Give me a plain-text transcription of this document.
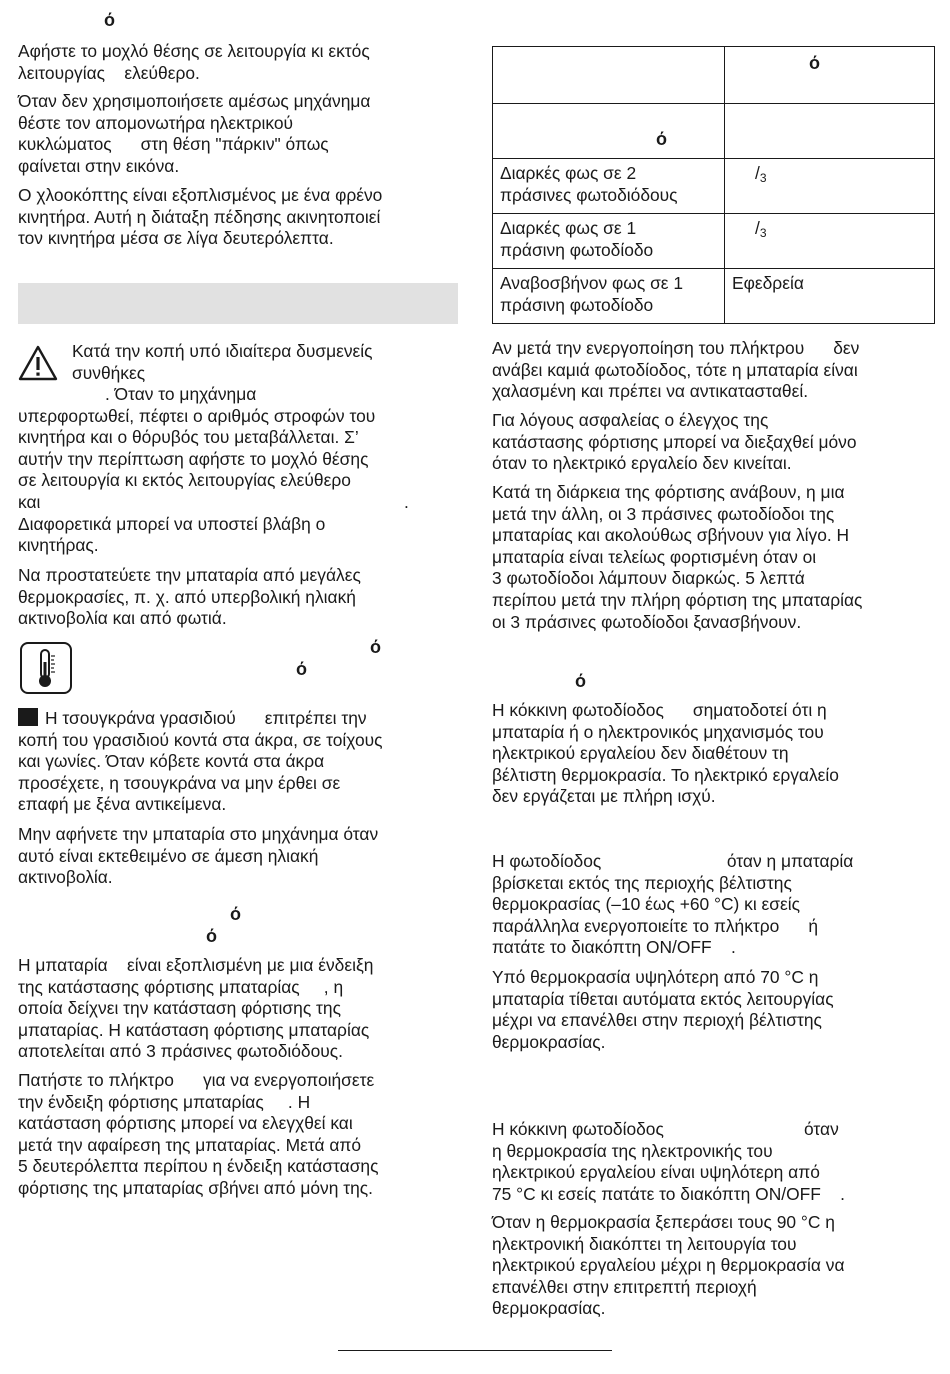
ό

Αφήστε το μοχλό θέσης σε λειτουργία κι εκτός
λειτουργίας    ελεύθερο.

Όταν δεν χρησιμοποιήσετε αμέσως μηχάνημα
θέστε τον απομονωτήρα ηλεκτρικού
κυκλώματος      στη θέση "πάρκιν" όπως
φαίνεται στην εικόνα.

Ο χλοοκόπτης είναι εξοπλισμένος με ένα φρένο
κινητήρα. Αυτή η διάταξη πέδησης ακινητοποιεί
τον κινητήρα μέσα σε λίγα δευτερόλεπτα.

Κατά την κοπή υπό ιδιαίτερα δυσμενείς
συνθήκες

. Όταν το μηχάνημα
υπερφορτωθεί, πέφτει ο αριθμός στροφών του
κινητήρα και ο θόρυβός του μεταβάλλεται. Σ’
αυτήν την περίπτωση αφήστε το μοχλό θέσης
σε λειτουργία κι εκτός λειτουργίας ελεύθερο
και
Διαφορετικά μπορεί να υποστεί βλάβη ο
κινητήρας.

.

Να προστατεύετε την μπαταρία από μεγάλες
θερμοκρασίες, π. χ. από υπερβολική ηλιακή
ακτινοβολία και από φωτιά.

ό
ό

Η τσουγκράνα γρασιδιού      επιτρέπει την
κοπή του γρασιδιού κοντά στα άκρα, σε τοίχους
και γωνίες. Όταν κόβετε κοντά στα άκρα
προσέχετε, η τσουγκράνα να μην έρθει σε
επαφή με ξένα αντικείμενα.

Μην αφήνετε την μπαταρία στο μηχάνημα όταν
αυτό είναι εκτεθειμένο σε άμεση ηλιακή
ακτινοβολία.

ό
ό

Η μπαταρία    είναι εξοπλισμένη με μια ένδειξη
της κατάστασης φόρτισης μπαταρίας     , η
οποία δείχνει την κατάσταση φόρτισης της
μπαταρίας. Η κατάσταση φόρτισης μπαταρίας
αποτελείται από 3 πράσινες φωτοδιόδους.

Πατήστε το πλήκτρο      για να ενεργοποιήσετε
την ένδειξη φόρτισης μπαταρίας     . Η
κατάσταση φόρτισης μπορεί να ελεγχθεί και
μετά την αφαίρεση της μπαταρίας. Μετά από
5 δευτερόλεπτα περίπου η ένδειξη κατάστασης
φόρτισης της μπαταρίας σβήνει από μόνη της.

	ό

ό	

Διαρκές φως σε 2
πράσινες φωτοδιόδους	$/_3$

Διαρκές φως σε 1
πράσινη φωτοδίοδο	$/_3$

Αναβοσβήνον φως σε 1
πράσινη φωτοδίοδο	Εφεδρεία

Αν μετά την ενεργοποίηση του πλήκτρου      δεν
ανάβει καμιά φωτοδίοδος, τότε η μπαταρία είναι
χαλασμένη και πρέπει να αντικατασταθεί.

Για λόγους ασφαλείας ο έλεγχος της
κατάστασης φόρτισης μπορεί να διεξαχθεί μόνο
όταν το ηλεκτρικό εργαλείο δεν κινείται.

Κατά τη διάρκεια της φόρτισης ανάβουν, η μια
μετά την άλλη, οι 3 πράσινες φωτοδίοδοι της
μπαταρίας και ακολούθως σβήνουν για λίγο. Η
μπαταρία είναι τελείως φορτισμένη όταν οι
3 φωτοδίοδοι λάμπουν διαρκώς. 5 λεπτά
περίπου μετά την πλήρη φόρτιση της μπαταρίας
οι 3 πράσινες φωτοδίοδοι ξανασβήνουν.

ό

Η κόκκινη φωτοδίοδος      σηματοδοτεί ότι η
μπαταρία ή ο ηλεκτρονικός μηχανισμός του
ηλεκτρικού εργαλείου δεν διαθέτουν τη
βέλτιστη θερμοκρασία. Το ηλεκτρικό εργαλείο
δεν εργάζεται με πλήρη ισχύ.

Η φωτοδίοδος                          όταν η μπαταρία
βρίσκεται εκτός της περιοχής βέλτιστης
θερμοκρασίας (–10 έως +60 °C) κι εσείς
παράλληλα ενεργοποιείτε το πλήκτρο      ή
πατάτε το διακόπτη ON/OFF    .

Υπό θερμοκρασία υψηλότερη από 70 °C η
μπαταρία τίθεται αυτόματα εκτός λειτουργίας
μέχρι να επανέλθει στην περιοχή βέλτιστης
θερμοκρασίας.

Η κόκκινη φωτοδίοδος                             όταν
η θερμοκρασία της ηλεκτρονικής του
ηλεκτρικού εργαλείου είναι υψηλότερη από
75 °C κι εσείς πατάτε το διακόπτη ON/OFF    .

Όταν η θερμοκρασία ξεπεράσει τους 90 °C η
ηλεκτρονική διακόπτει τη λειτουργία του
ηλεκτρικού εργαλείου μέχρι η θερμοκρασία να
επανέλθει στην επιτρεπτή περιοχή
θερμοκρασίας.
